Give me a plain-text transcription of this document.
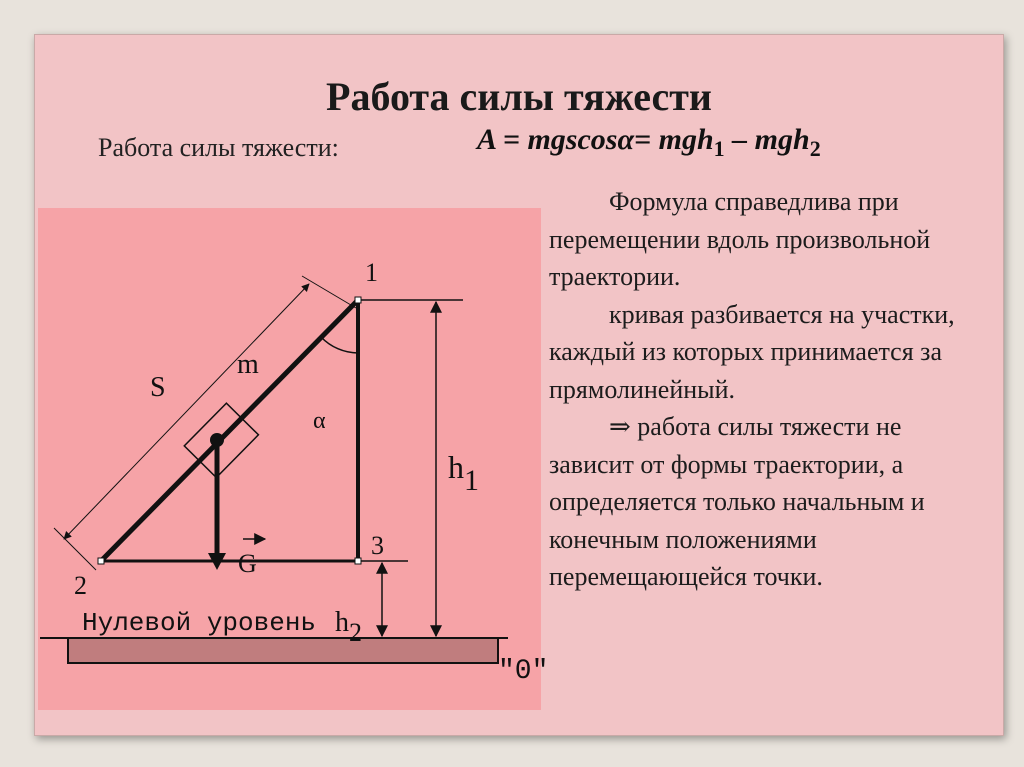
Работа силы тяжести
Работа силы тяжести:	A = mgscosα= mgh$_1$ – mgh$_2$
1
2
3
m
S
α
h1
h2
G
Нулевой уровень
"0"

Формула справедлива при перемещении вдоль произвольной траектории.

кривая разбивается на участки, каждый из которых принимается за прямолинейный.

⇒ работа силы тяжести не зависит от формы траектории, а определяется только начальным и конечным положениями перемещающейся точки.
